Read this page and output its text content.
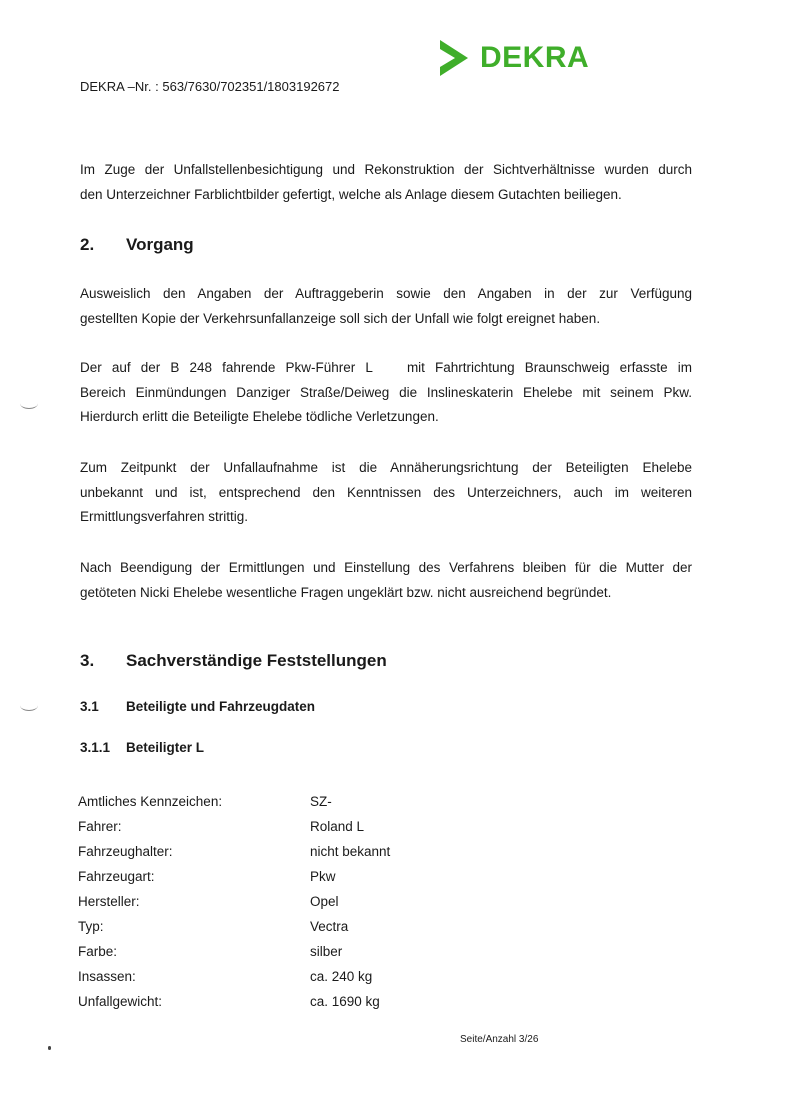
DEKRA
DEKRA –Nr. : 563/7630/702351/1803192672
Im Zuge der Unfallstellenbesichtigung und Rekonstruktion der Sichtverhältnisse wurden durch
den Unterzeichner Farblichtbilder gefertigt, welche als Anlage diesem Gutachten beiliegen.
2. Vorgang
Ausweislich den Angaben der Auftraggeberin sowie den Angaben in der zur Verfügung
gestellten Kopie der Verkehrsunfallanzeige soll sich der Unfall wie folgt ereignet haben.
Der auf der B 248 fahrende Pkw-Führer L	mit Fahrtrichtung Braunschweig erfasste im
Bereich Einmündungen Danziger Straße/Deiweg die Inslineskaterin Ehelebe mit seinem Pkw.
Hierdurch erlitt die Beteiligte Ehelebe tödliche Verletzungen.
Zum Zeitpunkt der Unfallaufnahme ist die Annäherungsrichtung der Beteiligten Ehelebe
unbekannt und ist, entsprechend den Kenntnissen des Unterzeichners, auch im weiteren
Ermittlungsverfahren strittig.
Nach Beendigung der Ermittlungen und Einstellung des Verfahrens bleiben für die Mutter der
getöteten Nicki Ehelebe wesentliche Fragen ungeklärt bzw. nicht ausreichend begründet.
3. Sachverständige Feststellungen
3.1 Beteiligte und Fahrzeugdaten
3.1.1 Beteiligter L
Amtliches Kennzeichen:	SZ-
Fahrer:	Roland L
Fahrzeughalter:	nicht bekannt
Fahrzeugart:	Pkw
Hersteller:	Opel
Typ:	Vectra
Farbe:	silber
Insassen:	ca. 240 kg
Unfallgewicht:	ca. 1690 kg
Seite/Anzahl 3/26
